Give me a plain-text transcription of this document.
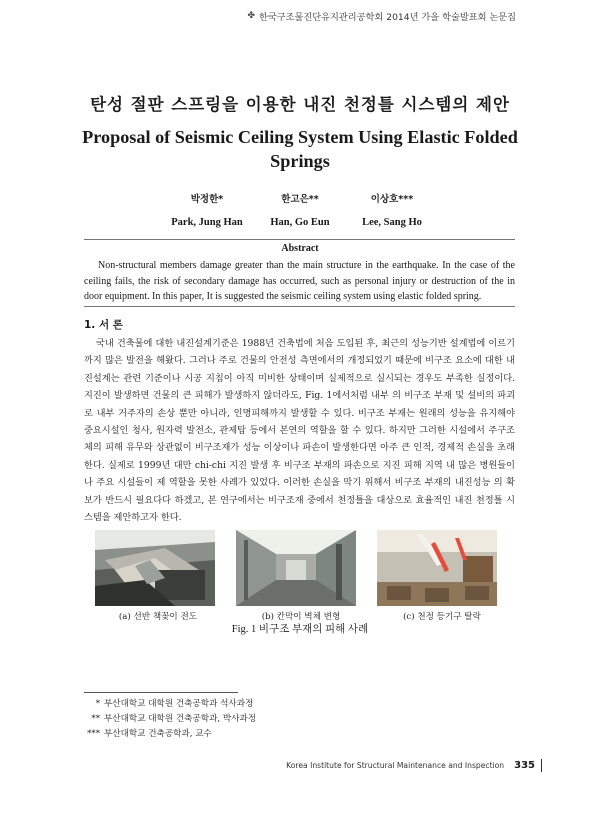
✤ 한국구조물진단유지관리공학회 2014년 가을 학술발표회 논문집
탄성 절판 스프링을 이용한 내진 천정틀 시스템의 제안
Proposal of Seismic Ceiling System Using Elastic Folded Springs
박정한*
Park, Jung Han
한고은**
Han, Go Eun
이상호***
Lee, Sang Ho
Abstract
Non-structural members damage greater than the main structure in the earthquake. In the case of the ceiling fails, the risk of secondary damage has occurred, such as personal injury or destruction of the in door equipment. In this paper, It is suggested the seismic ceiling system using elastic folded spring.
1. 서 론
국내 건축물에 대한 내진설계기준은 1988년 건축법에 처음 도입된 후, 최근의 성능기반 설계법에 이르기까지 많은 발전을 해왔다. 그러나 주로 건물의 안전성 측면에서의 개정되었기 때문에 비구조 요소에 대한 내진설계는 관련 기준이나 시공 지침이 아직 미비한 상태이며 실제적으로 실시되는 경우도 부족한 실정이다. 지진이 발생하면 건물의 큰 피해가 발생하지 않더라도, Fig. 1에서처럼 내부 의 비구조 부재 및 설비의 파괴로 내부 거주자의 손상 뿐만 아니라, 인명피해까지 발생할 수 있다. 비구조 부재는 원래의 성능을 유지해야 중요시설인 청사, 원자력 발전소, 관제탑 등에서 본연의 역할을 할 수 있다. 하지만 그러한 시설에서 주구조체의 피해 유무와 상관없이 비구조재가 성능 이상이나 파손이 발생한다면 아주 큰 인적, 경제적 손실을 초래한다. 실제로 1999년 대만 chi-chi 지진 발생 후 비구조 부재의 파손으로 지진 피해 지역 내 많은 병원들이나 주요 시설들이 제 역할을 못한 사례가 있었다. 이러한 손실을 막기 위해서 비구조 부재의 내진성능 의 확보가 반드시 필요다다 하겠고, 본 연구에서는 비구조재 중에서 천정틀을 대상으로 효율적인 내진 천정틀 시스템을 제안하고자 한다.
(a) 선반 책꽂이 전도	(b) 칸막이 벽체 변형	(c) 천정 등기구 탈락
Fig. 1 비구조 부재의 피해 사례
* 부산대학교 대학원 건축공학과 석사과정
** 부산대학교 대학원 건축공학과, 박사과정
*** 부산대학교 건축공학과, 교수
Korea Institute for Structural Maintenance and Inspection 335
